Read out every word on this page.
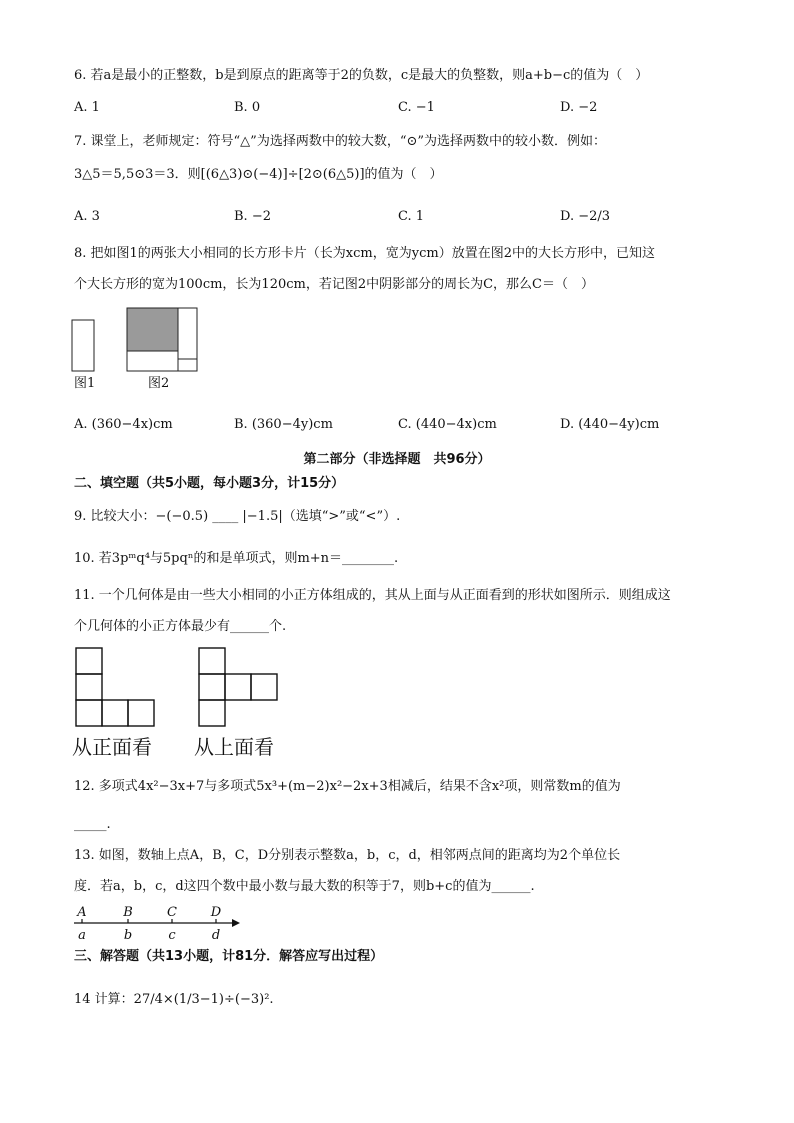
6. 若a是最小的正整数，b是到原点的距离等于2的负数，c是最大的负整数，则a+b−c的值为（　）
A. 1	B. 0	C. −1	D. −2
7. 课堂上，老师规定：符号“△”为选择两数中的较大数，“⊙”为选择两数中的较小数．例如：
3△5＝5,5⊙3＝3．则[(6△3)⊙(−4)]÷[2⊙(6△5)]的值为（　）
A. 3	B. −2	C. 1	D. −2/3
8. 把如图1的两张大小相同的长方形卡片（长为xcm，宽为ycm）放置在图2中的大长方形中，已知这
个大长方形的宽为100cm，长为120cm，若记图2中阴影部分的周长为C，那么C＝（　）
图1	图2
A. (360−4x)cm	B. (360−4y)cm	C. (440−4x)cm	D. (440−4y)cm
第二部分（非选择题　共96分）
二、填空题（共5小题，每小题3分，计15分）
9. 比较大小：−(−0.5) ____ |−1.5|（选填“>”或“<”）.
10. 若3pᵐq⁴与5pqⁿ的和是单项式，则m+n＝________.
11. 一个几何体是由一些大小相同的小正方体组成的，其从上面与从正面看到的形状如图所示．则组成这
个几何体的小正方体最少有______个.
从正面看 从上面看
12. 多项式4x²−3x+7与多项式5x³+(m−2)x²−2x+3相减后，结果不含x²项，则常数m的值为
_____.
13. 如图，数轴上点A，B，C，D分别表示整数a，b，c，d，相邻两点间的距离均为2个单位长
度．若a，b，c，d这四个数中最小数与最大数的积等于7，则b+c的值为______.
A	B	C	D
a	b	c	d
三、解答题（共13小题，计81分．解答应写出过程）
14 计算：27/4×(1/3−1)÷(−3)².
